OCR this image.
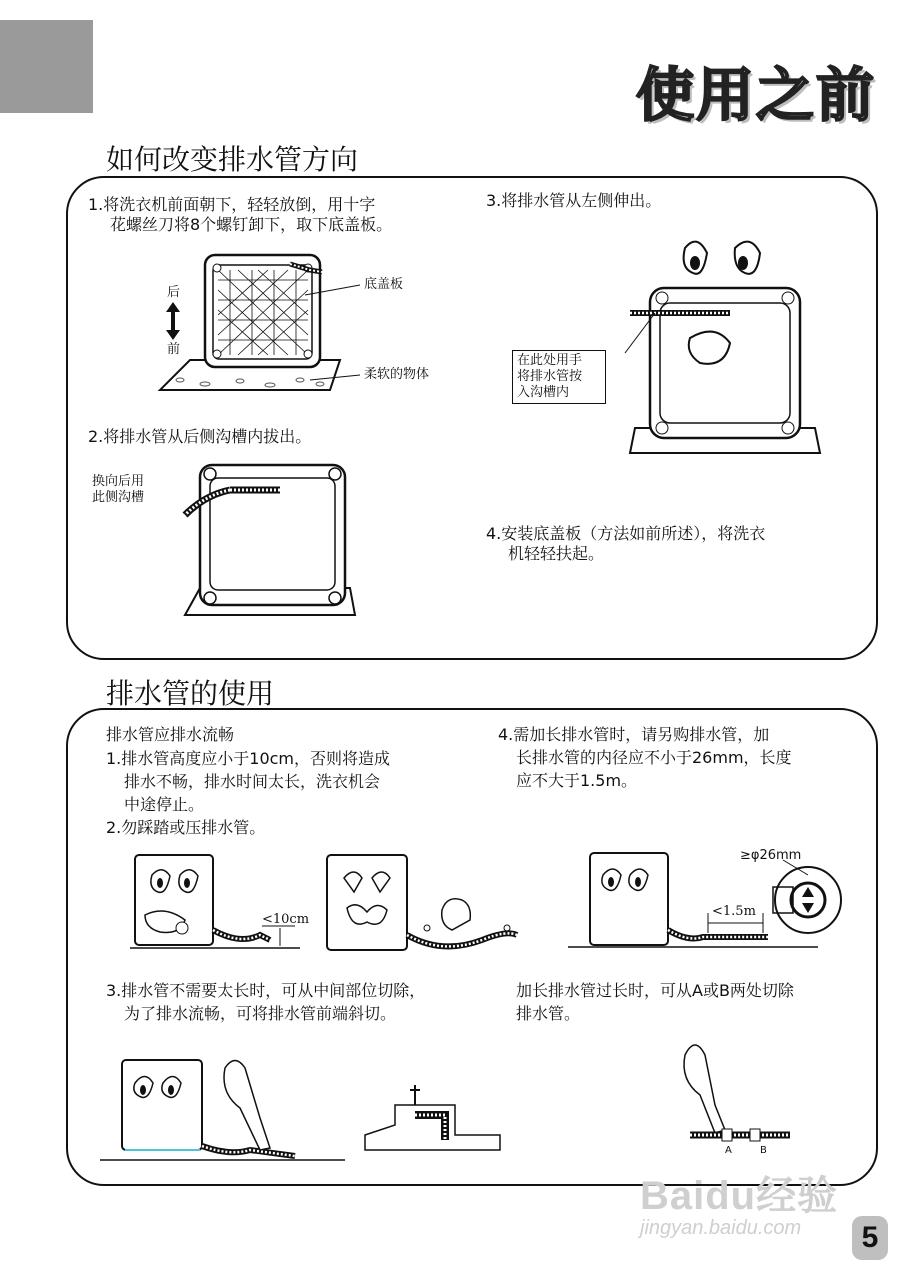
使用之前
如何改变排水管方向
1.将洗衣机前面朝下，轻轻放倒，用十字
花螺丝刀将8个螺钉卸下，取下底盖板。
后
前
底盖板
柔软的物体
2.将排水管从后侧沟槽内拔出。
换向后用
此侧沟槽
3.将排水管从左侧伸出。
在此处用手
将排水管按
入沟槽内
4.安装底盖板（方法如前所述），将洗衣
机轻轻扶起。
排水管的使用
排水管应排水流畅
1.排水管高度应小于10cm，否则将造成
排水不畅，排水时间太长，洗衣机会
中途停止。
2.勿踩踏或压排水管。
<10cm
4.需加长排水管时，请另购排水管，加
长排水管的内径应不小于26mm，长度
应不大于1.5m。
≥φ26mm
<1.5m
3.排水管不需要太长时，可从中间部位切除，
为了排水流畅，可将排水管前端斜切。
加长排水管过长时，可从A或B两处切除
排水管。
A	B
Baidu经验
jingyan.baidu.com	5
